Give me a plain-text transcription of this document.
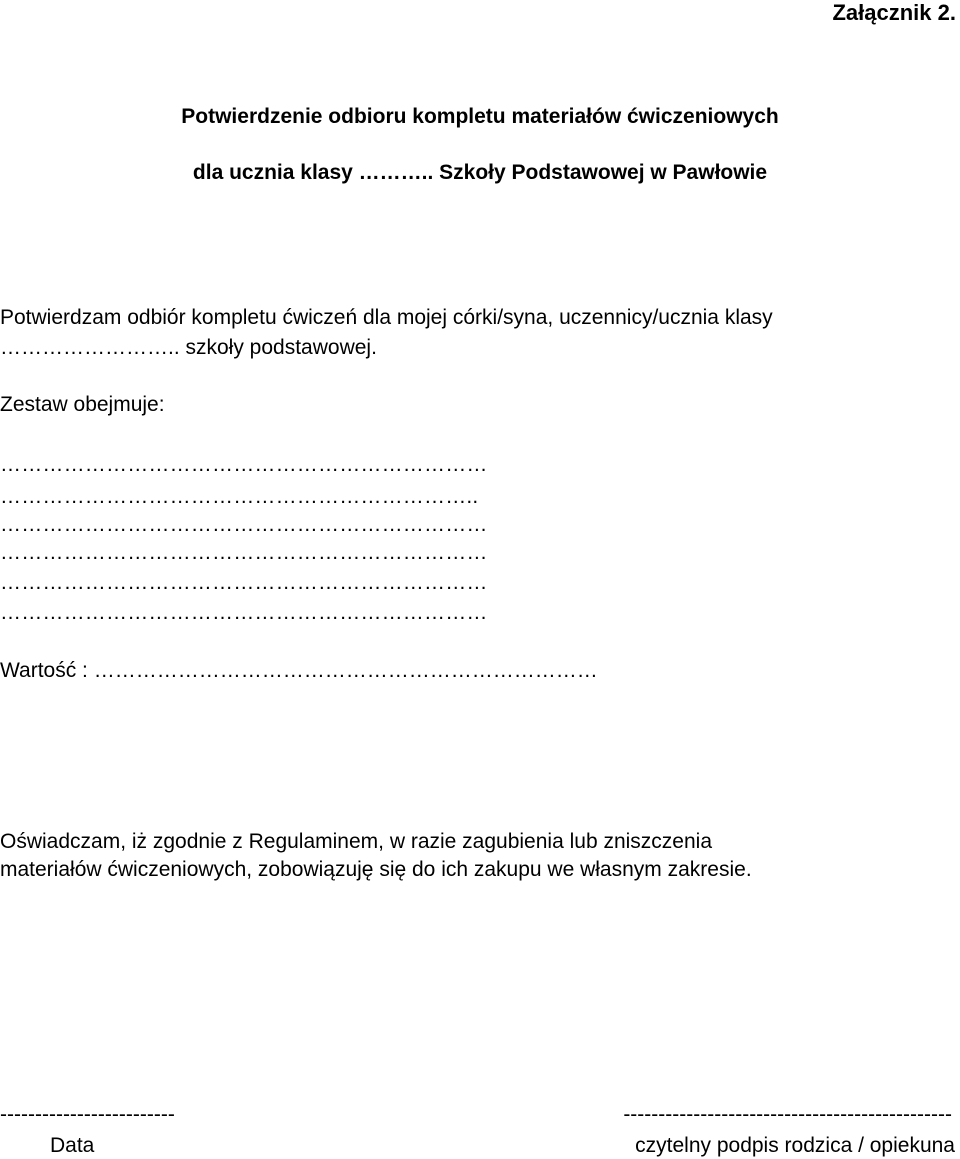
Załącznik 2.
Potwierdzenie odbioru kompletu materiałów ćwiczeniowych
dla ucznia klasy ……….. Szkoły Podstawowej w Pawłowie
Potwierdzam odbiór kompletu ćwiczeń dla mojej córki/syna, uczennicy/ucznia klasy
…………………….. szkoły podstawowej.
Zestaw obejmuje:
……………………………………………………………
…………………………………………………………..
……………………………………………………………
……………………………………………………………
……………………………………………………………
……………………………………………………………
Wartość : ………………………………………………………………
Oświadczam, iż zgodnie z Regulaminem, w razie zagubienia lub zniszczenia
materiałów ćwiczeniowych, zobowiązuję się do ich zakupu we własnym zakresie.
-------------------------	-----------------------------------------------
Data	czytelny podpis rodzica / opiekuna
